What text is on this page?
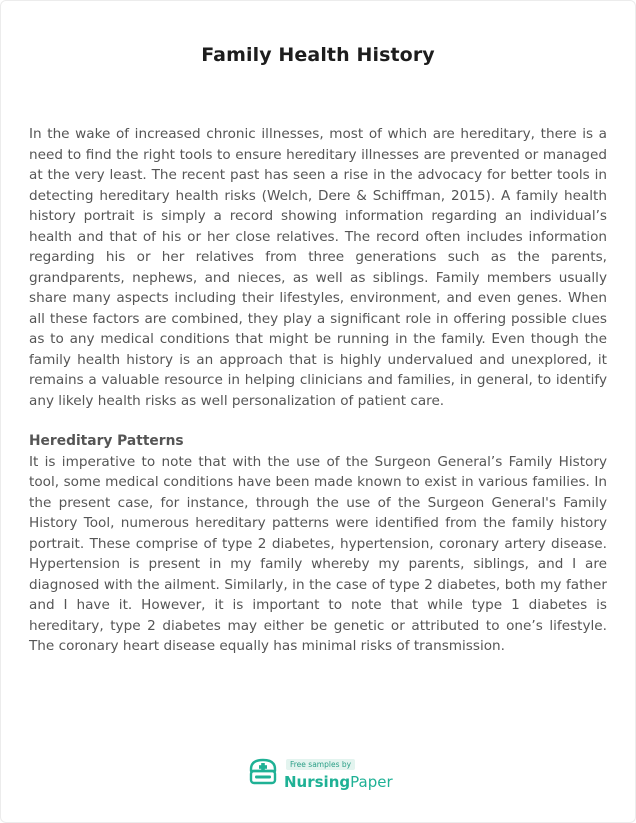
Family Health History

In the wake of increased chronic illnesses, most of which are hereditary, there is a need to find the right tools to ensure hereditary illnesses are prevented or managed at the very least. The recent past has seen a rise in the advocacy for better tools in detecting hereditary health risks (Welch, Dere & Schiffman, 2015). A family health history portrait is simply a record showing information regarding an individual’s health and that of his or her close relatives. The record often includes information regarding his or her relatives from three generations such as the parents, grandparents, nephews, and nieces, as well as siblings. Family members usually share many aspects including their lifestyles, environment, and even genes. When all these factors are combined, they play a significant role in offering possible clues as to any medical conditions that might be running in the family. Even though the family health history is an approach that is highly undervalued and unexplored, it remains a valuable resource in helping clinicians and families, in general, to identify any likely health risks as well personalization of patient care.

Hereditary Patterns

It is imperative to note that with the use of the Surgeon General’s Family History tool, some medical conditions have been made known to exist in various families. In the present case, for instance, through the use of the Surgeon General's Family History Tool, numerous hereditary patterns were identified from the family history portrait. These comprise of type 2 diabetes, hypertension, coronary artery disease. Hypertension is present in my family whereby my parents, siblings, and I are diagnosed with the ailment. Similarly, in the case of type 2 diabetes, both my father and I have it. However, it is important to note that while type 1 diabetes is hereditary, type 2 diabetes may either be genetic or attributed to one’s lifestyle. The coronary heart disease equally has minimal risks of transmission.

Free samples by
NursingPaper
